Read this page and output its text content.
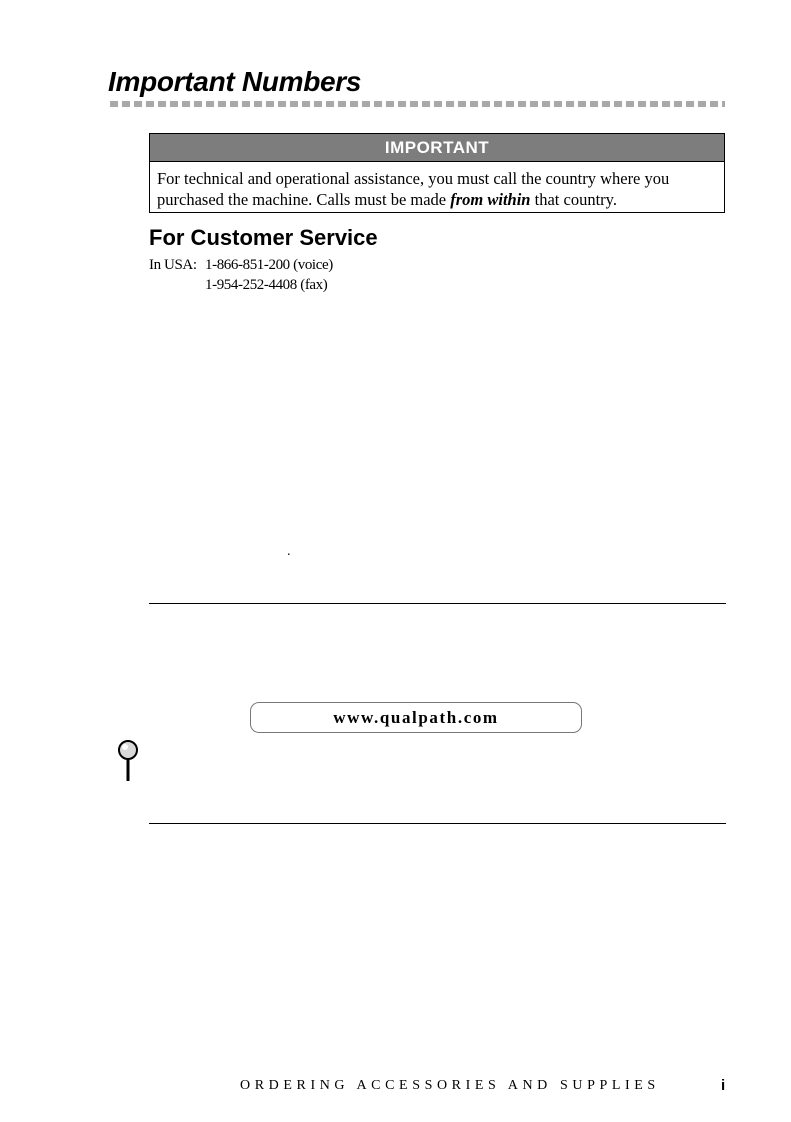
Important Numbers
IMPORTANT
For technical and operational assistance, you must call the country where you
purchased the machine. Calls must be made from within that country.
For Customer Service
In USA: 1-866-851-200 (voice)
1-954-252-4408 (fax)
.
www.qualpath.com
ORDERING ACCESSORIES AND SUPPLIES	i
